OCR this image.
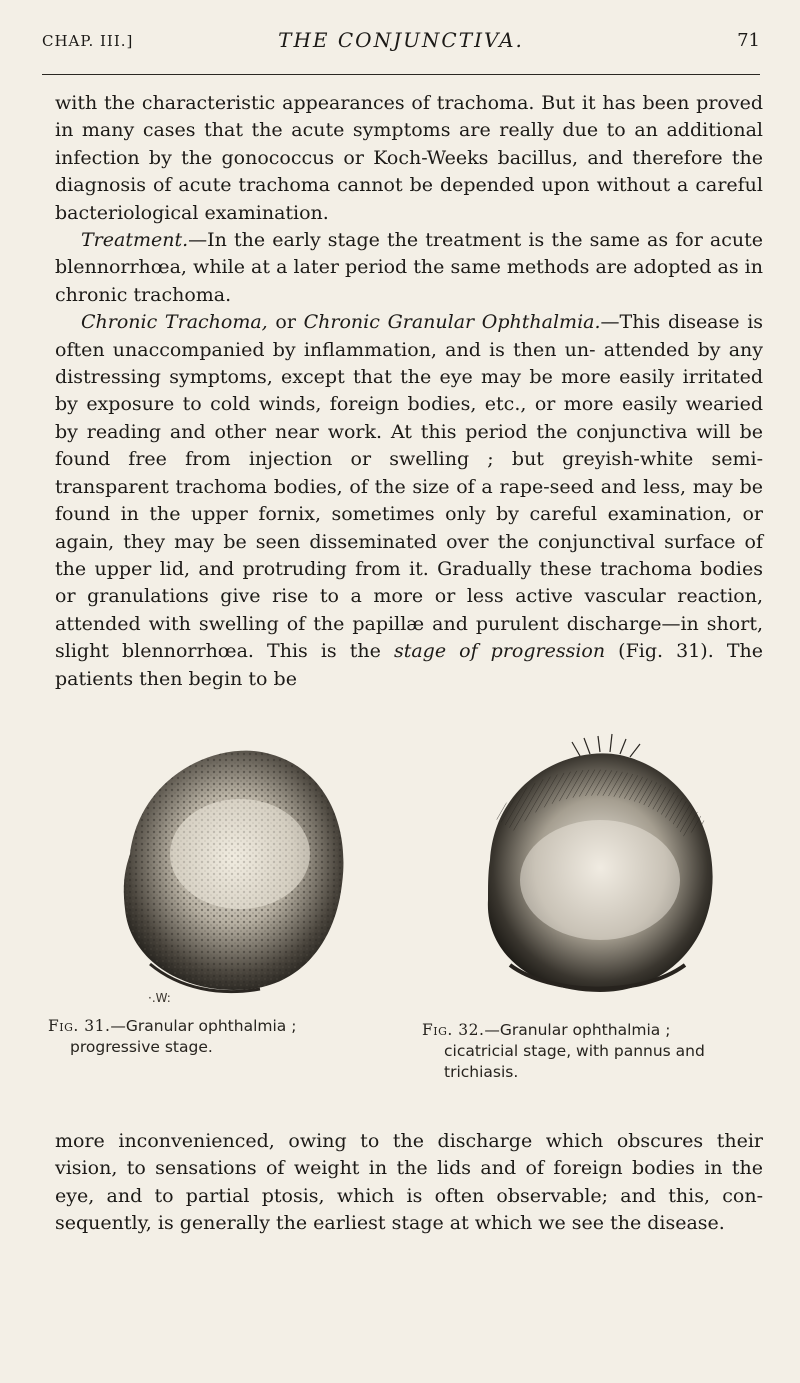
CHAP. III.]	THE CONJUNCTIVA.	71

with the characteristic appearances of trachoma. But it has been proved in many cases that the acute symptoms are really due to an additional infection by the gonococcus or Koch-Weeks bacillus, and therefore the diagnosis of acute trachoma cannot be depended upon without a careful bacteriological examination.

Treatment.—In the early stage the treatment is the same as for acute blennorrhœa, while at a later period the same methods are adopted as in chronic trachoma.

Chronic Trachoma, or Chronic Granular Ophthalmia.—This disease is often unaccompanied by inflammation, and is then un- attended by any distressing symptoms, except that the eye may be more easily irritated by exposure to cold winds, foreign bodies, etc., or more easily wearied by reading and other near work. At this period the conjunctiva will be found free from injection or swelling ; but greyish-white semi-transparent trachoma bodies, of the size of a rape-seed and less, may be found in the upper fornix, sometimes only by careful examination, or again, they may be seen disseminated over the conjunctival surface of the upper lid, and protruding from it. Gradually these trachoma bodies or granulations give rise to a more or less active vascular reaction, attended with swelling of the papillæ and purulent discharge—in short, slight blennorrhœa. This is the stage of progression (Fig. 31). The patients then begin to be

·.W:
Fig. 31.—Granular ophthalmia ;
progressive stage.
Fig. 32.—Granular ophthalmia ;
cicatricial stage, with pannus and
trichiasis.

more inconvenienced, owing to the discharge which obscures their vision, to sensations of weight in the lids and of foreign bodies in the eye, and to partial ptosis, which is often observable; and this, con- sequently, is generally the earliest stage at which we see the disease.
